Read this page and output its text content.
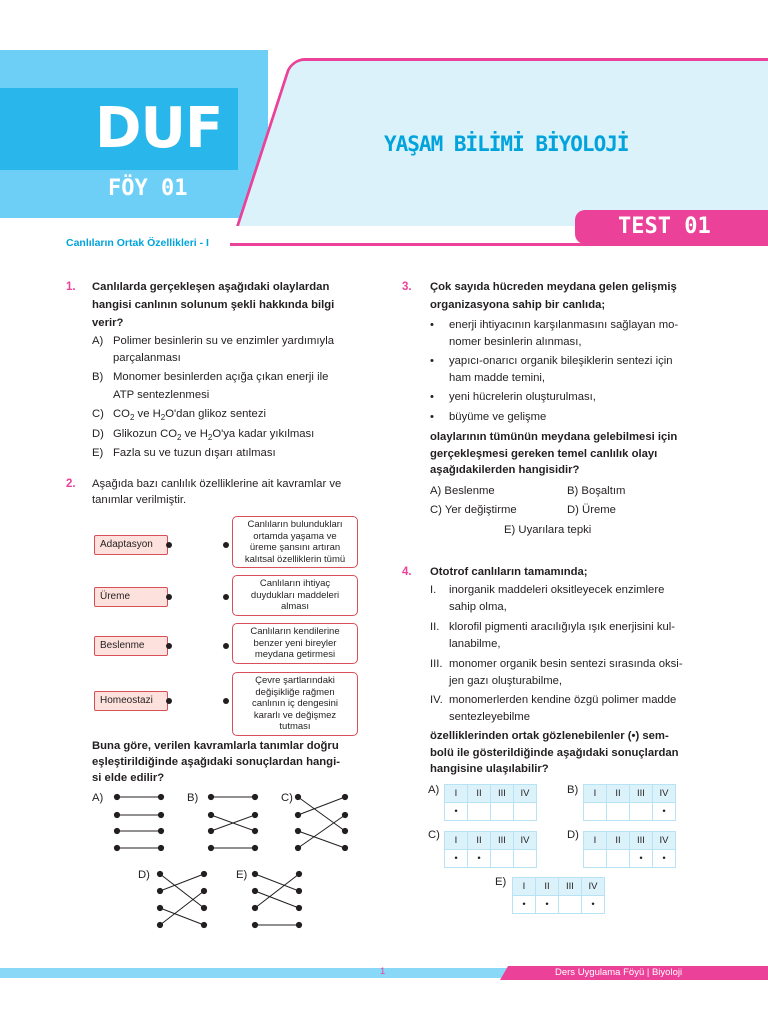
DUF
FÖY 01
YAŞAM BİLİMİ BİYOLOJİ
TEST 01
Canlıların Ortak Özellikleri - I
1. Canlılarda gerçekleşen aşağıdaki olaylardan
hangisi canlının solunum şekli hakkında bilgi
verir?
A) Polimer besinlerin su ve enzimler yardımıyla
parçalanması
B) Monomer besinlerden açığa çıkan enerji ile
ATP sentezlenmesi
C) $CO_2$ ve $H_2O'dan$ glikoz sentezi
D) Glikozun $CO_2$ ve $H_2O'ya$ kadar yıkılması
E) Fazla su ve tuzun dışarı atılması
2. Aşağıda bazı canlılık özelliklerine ait kavramlar ve
tanımlar verilmiştir.
Adaptasyon
Üreme
Beslenme
Homeostazi
Canlıların bulundukları
ortamda yaşama ve
üreme şansını artıran
kalıtsal özelliklerin tümü
Canlıların ihtiyaç
duydukları maddeleri
alması
Canlıların kendilerine
benzer yeni bireyler
meydana getirmesi
Çevre şartlarındaki
değişikliğe rağmen
canlının iç dengesini
kararlı ve değişmez
tutması
Buna göre, verilen kavramlarla tanımlar doğru
eşleştirildiğinde aşağıdaki sonuçlardan hangi-
si elde edilir?
A)	B)	C)
D)	E)
3. Çok sayıda hücreden meydana gelen gelişmiş
organizasyona sahip bir canlıda;
• enerji ihtiyacının karşılanmasını sağlayan mo-
nomer besinlerin alınması,
• yapıcı-onarıcı organik bileşiklerin sentezi için
ham madde temini,
• yeni hücrelerin oluşturulması,
• büyüme ve gelişme
olaylarının tümünün meydana gelebilmesi için
gerçekleşmesi gereken temel canlılık olayı
aşağıdakilerden hangisidir?
A) Beslenme	B) Boşaltım
C) Yer değiştirme	D) Üreme
E) Uyarılara tepki
4. Ototrof canlıların tamamında;
I. inorganik maddeleri oksitleyecek enzimlere
sahip olma,
II. klorofil pigmenti aracılığıyla ışık enerjisini kul-
lanabilme,
III. monomer organik besin sentezi sırasında oksi-
jen gazı oluşturabilme,
IV. monomerlerden kendine özgü polimer madde
sentezleyebilme
özelliklerinden ortak gözlenebilenler (•) sem-
bolü ile gösterildiğinde aşağıdaki sonuçlardan
hangisine ulaşılabilir?
A) I	II	III	IV
•			
B) I	II	III	IV
			•
C) I	II	III	IV
•	•		
D) I	II	III	IV
		•	•
E) I	II	III	IV
•	•		•
1	Ders Uygulama Föyü | Biyoloji
